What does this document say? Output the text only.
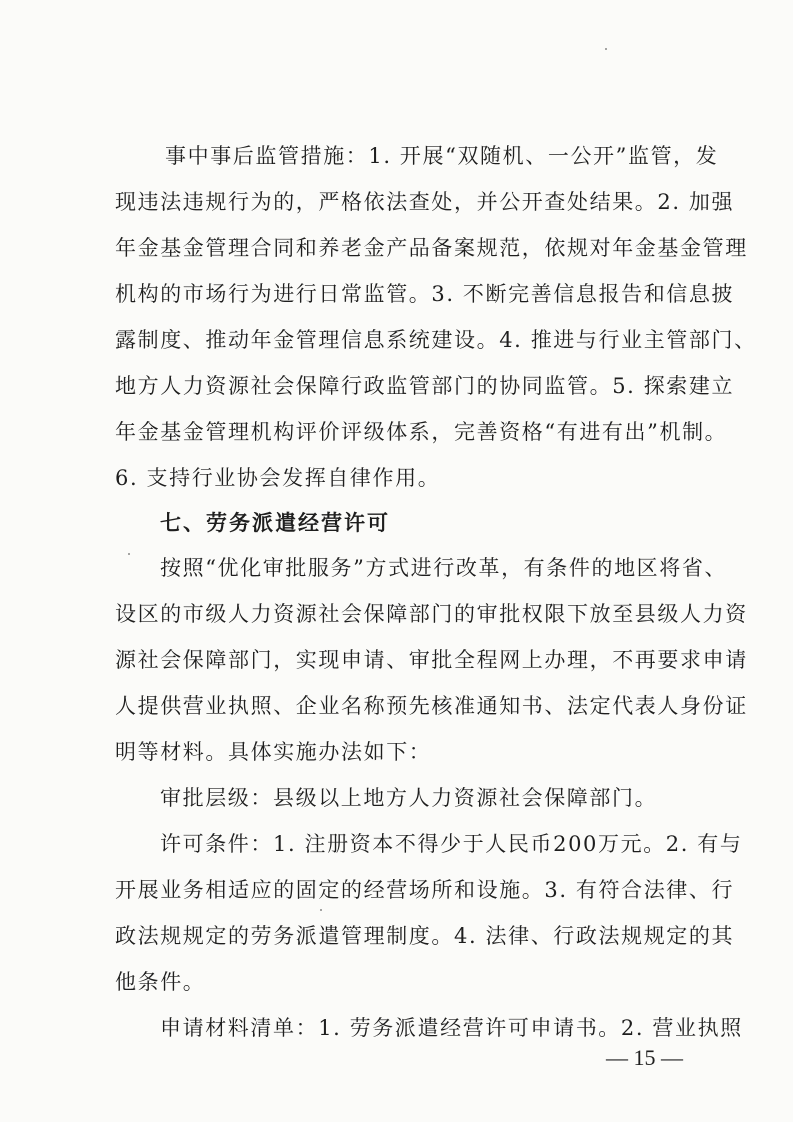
事中事后监管措施：1. 开展“双随机、一公开”监管，发
现违法违规行为的，严格依法查处，并公开查处结果。2. 加强
年金基金管理合同和养老金产品备案规范，依规对年金基金管理
机构的市场行为进行日常监管。3. 不断完善信息报告和信息披
露制度、推动年金管理信息系统建设。4. 推进与行业主管部门、
地方人力资源社会保障行政监管部门的协同监管。5. 探索建立
年金基金管理机构评价评级体系，完善资格“有进有出”机制。
6. 支持行业协会发挥自律作用。
七、劳务派遣经营许可
按照“优化审批服务”方式进行改革，有条件的地区将省、
设区的市级人力资源社会保障部门的审批权限下放至县级人力资
源社会保障部门，实现申请、审批全程网上办理，不再要求申请
人提供营业执照、企业名称预先核准通知书、法定代表人身份证
明等材料。具体实施办法如下：
审批层级：县级以上地方人力资源社会保障部门。
许可条件：1. 注册资本不得少于人民币200万元。2. 有与
开展业务相适应的固定的经营场所和设施。3. 有符合法律、行
政法规规定的劳务派遣管理制度。4. 法律、行政法规规定的其
他条件。
申请材料清单：1. 劳务派遣经营许可申请书。2. 营业执照
— 15 —
